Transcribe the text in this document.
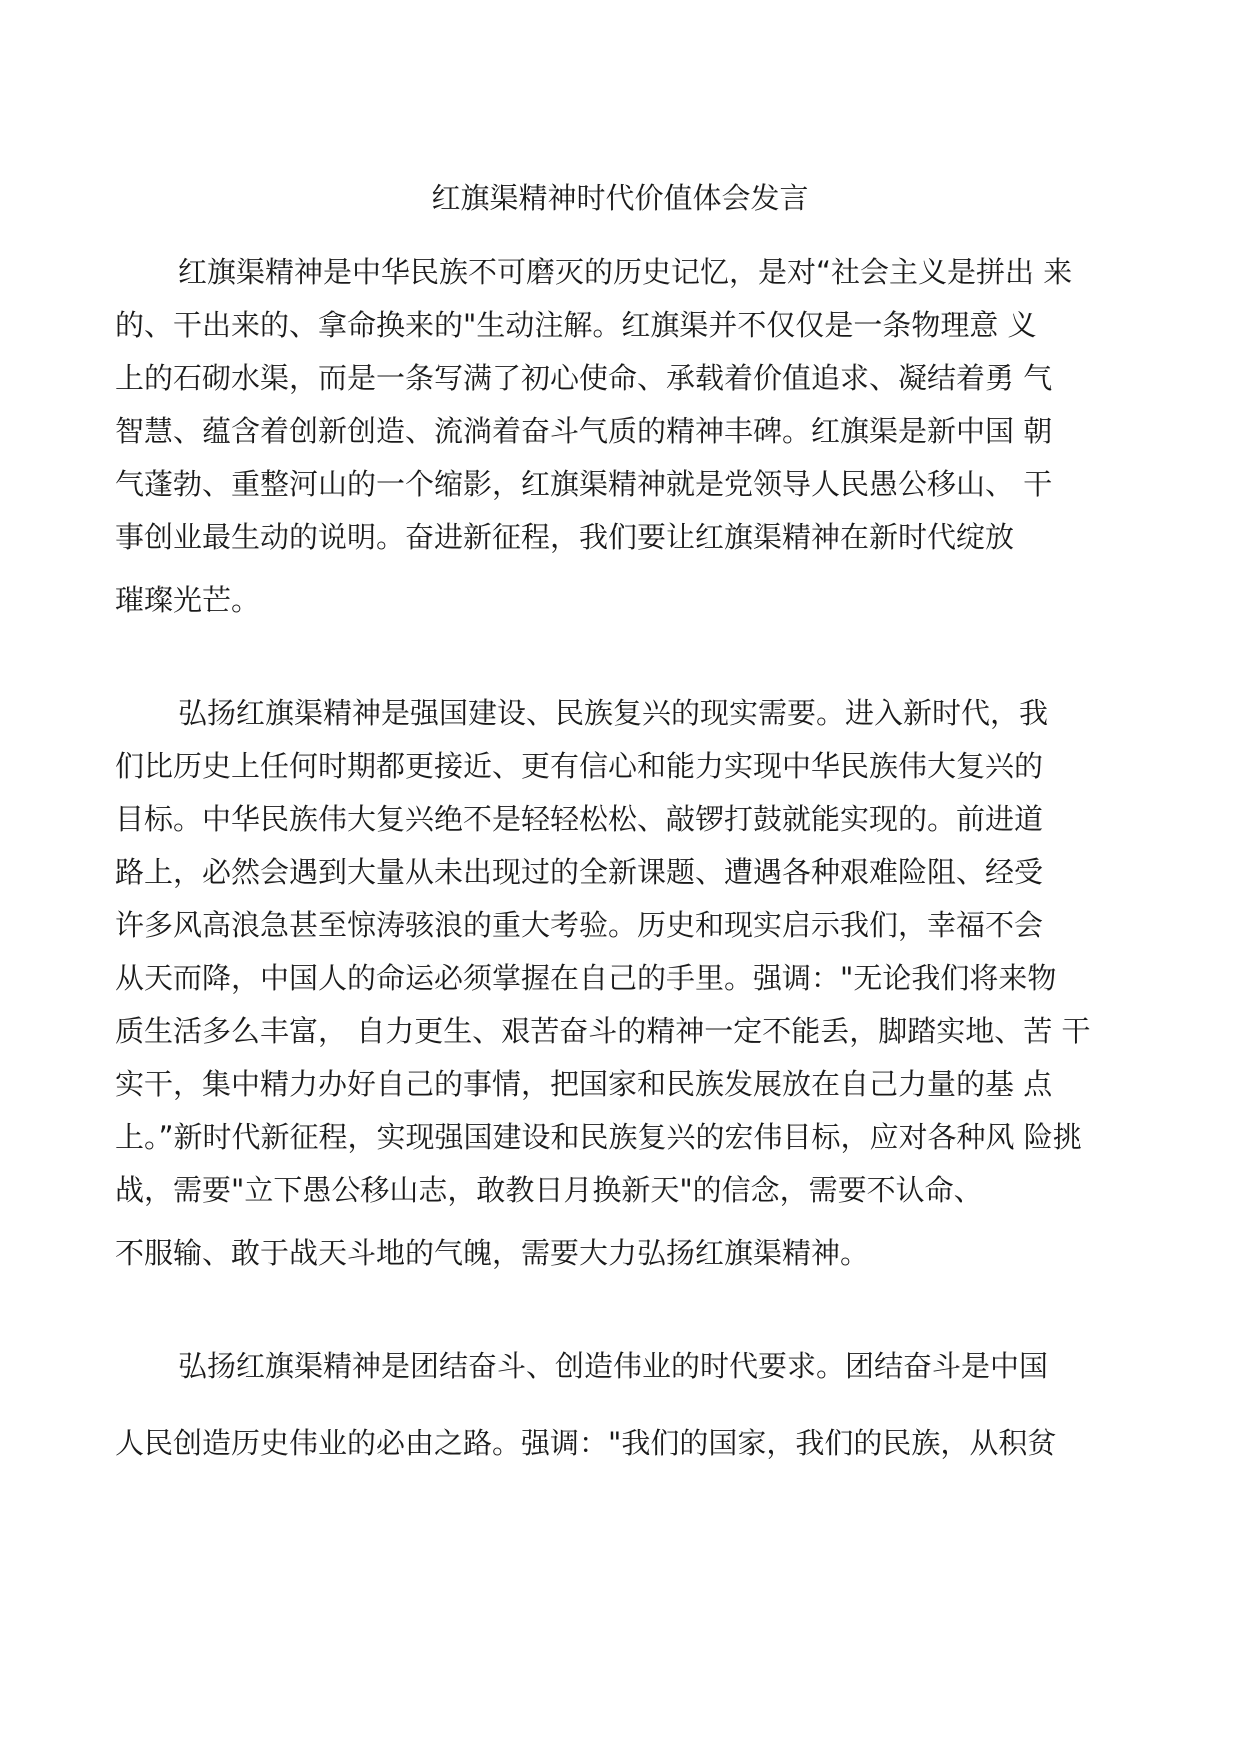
红旗渠精神时代价值体会发言
红旗渠精神是中华民族不可磨灭的历史记忆，是对“社会主义是拼出 来
的、干出来的、拿命换来的"生动注解。红旗渠并不仅仅是一条物理意 义
上的石砌水渠，而是一条写满了初心使命、承载着价值追求、凝结着勇 气
智慧、蕴含着创新创造、流淌着奋斗气质的精神丰碑。红旗渠是新中国 朝
气蓬勃、重整河山的一个缩影，红旗渠精神就是党领导人民愚公移山、 干
事创业最生动的说明。奋进新征程，我们要让红旗渠精神在新时代绽放
璀璨光芒。
弘扬红旗渠精神是强国建设、民族复兴的现实需要。进入新时代，我
们比历史上任何时期都更接近、更有信心和能力实现中华民族伟大复兴的
目标。中华民族伟大复兴绝不是轻轻松松、敲锣打鼓就能实现的。前进道
路上，必然会遇到大量从未出现过的全新课题、遭遇各种艰难险阻、经受
许多风高浪急甚至惊涛骇浪的重大考验。历史和现实启示我们，幸福不会
从天而降，中国人的命运必须掌握在自己的手里。强调："无论我们将来物
质生活多么丰富， 自力更生、艰苦奋斗的精神一定不能丢，脚踏实地、苦 干
实干，集中精力办好自己的事情，把国家和民族发展放在自己力量的基 点
上。”新时代新征程，实现强国建设和民族复兴的宏伟目标，应对各种风 险挑
战，需要"立下愚公移山志，敢教日月换新天"的信念，需要不认命、
不服输、敢于战天斗地的气魄，需要大力弘扬红旗渠精神。
弘扬红旗渠精神是团结奋斗、创造伟业的时代要求。团结奋斗是中国
人民创造历史伟业的必由之路。强调："我们的国家，我们的民族，从积贫
